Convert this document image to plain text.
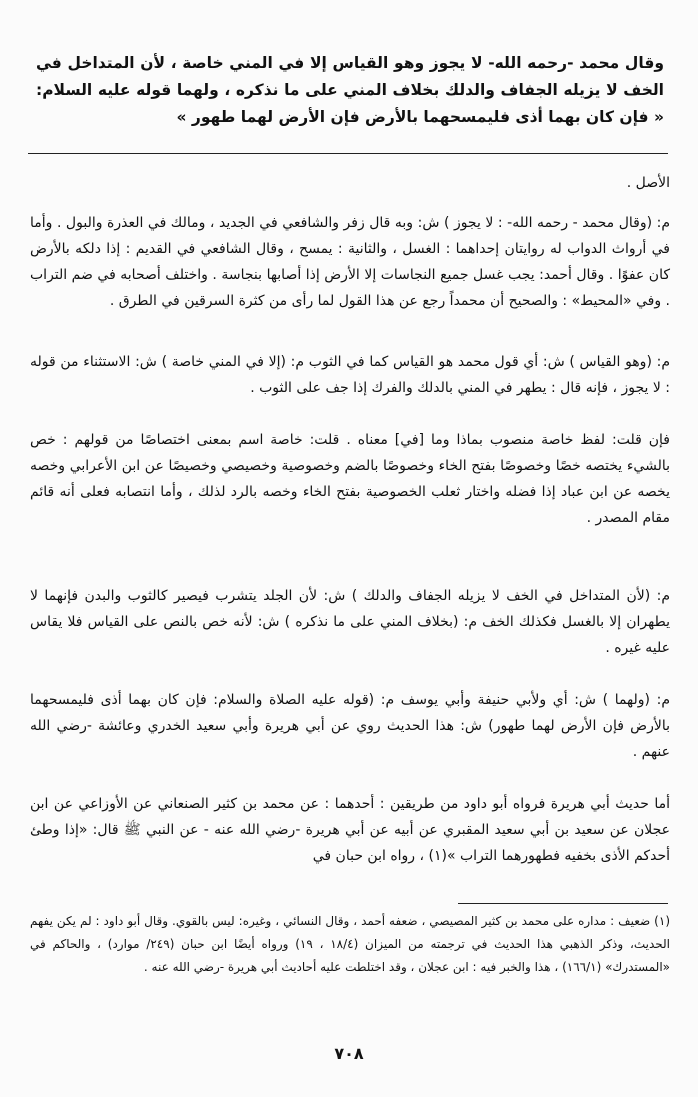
وقال محمد -رحمه الله- لا يجوز وهو القياس إلا في المني خاصة ، لأن المتداخل في الخف لا يزيله الجفاف والدلك بخلاف المني على ما نذكره ، ولهما قوله عليه السلام: « فإن كان بهما أذى فليمسحهما بالأرض فإن الأرض لهما طهور »

الأصل .

م: (وقال محمد - رحمه الله- : لا يجوز ) ش: وبه قال زفر والشافعي في الجديد ، ومالك في العذرة والبول . وأما في أرواث الدواب له روايتان إحداهما : الغسل ، والثانية : يمسح ، وقال الشافعي في القديم : إذا دلكه بالأرض كان عفوًا . وقال أحمد: يجب غسل جميع النجاسات إلا الأرض إذا أصابها بنجاسة . واختلف أصحابه في ضم التراب . وفي «المحيط» : والصحيح أن محمداً رجع عن هذا القول لما رأى من كثرة السرقين في الطرق .

م: (وهو القياس ) ش: أي قول محمد هو القياس كما في الثوب م: (إلا في المني خاصة ) ش: الاستثناء من قوله : لا يجوز ، فإنه قال : يطهر في المني بالدلك والفرك إذا جف على الثوب .

فإن قلت: لفظ خاصة منصوب بماذا وما [في] معناه . قلت: خاصة اسم بمعنى اختصاصًا من قولهم : خص بالشيء يختصه خصًا وخصوصًا بفتح الخاء وخصوصًا بالضم وخصوصية وخصيصي وخصيصًا عن ابن الأعرابي وخصه يخصه عن ابن عباد إذا فضله واختار ثعلب الخصوصية بفتح الخاء وخصه بالرد لذلك ، وأما انتصابه فعلى أنه قائم مقام المصدر .

م: (لأن المتداخل في الخف لا يزيله الجفاف والدلك ) ش: لأن الجلد يتشرب فيصير كالثوب والبدن فإنهما لا يطهران إلا بالغسل فكذلك الخف م: (بخلاف المني على ما نذكره ) ش: لأنه خص بالنص على القياس فلا يقاس عليه غيره .

م: (ولهما ) ش: أي ولأبي حنيفة وأبي يوسف م: (قوله عليه الصلاة والسلام: فإن كان بهما أذى فليمسحهما بالأرض فإن الأرض لهما طهور) ش: هذا الحديث روي عن أبي هريرة وأبي سعيد الخدري وعائشة -رضي الله عنهم .

أما حديث أبي هريرة فرواه أبو داود من طريقين : أحدهما : عن محمد بن كثير الصنعاني عن الأوزاعي عن ابن عجلان عن سعيد بن أبي سعيد المقبري عن أبيه عن أبي هريرة -رضي الله عنه - عن النبي ﷺ قال: «إذا وطئ أحدكم الأذى بخفيه فطهورهما التراب »(١) ، رواه ابن حبان في

(١) ضعيف : مداره على محمد بن كثير المصيصي ، ضعفه أحمد ، وقال النسائي ، وغيره: ليس بالقوي. وقال أبو داود : لم يكن يفهم الحديث، وذكر الذهبي هذا الحديث في ترجمته من الميزان (١٨/٤ ، ١٩) ورواه أيضًا ابن حبان (٢٤٩/ موارد) ، والحاكم في «المستدرك» (١٦٦/١) ، هذا والخبر فيه : ابن عجلان ، وقد اختلطت عليه أحاديث أبي هريرة -رضي الله عنه .

٧٠٨
